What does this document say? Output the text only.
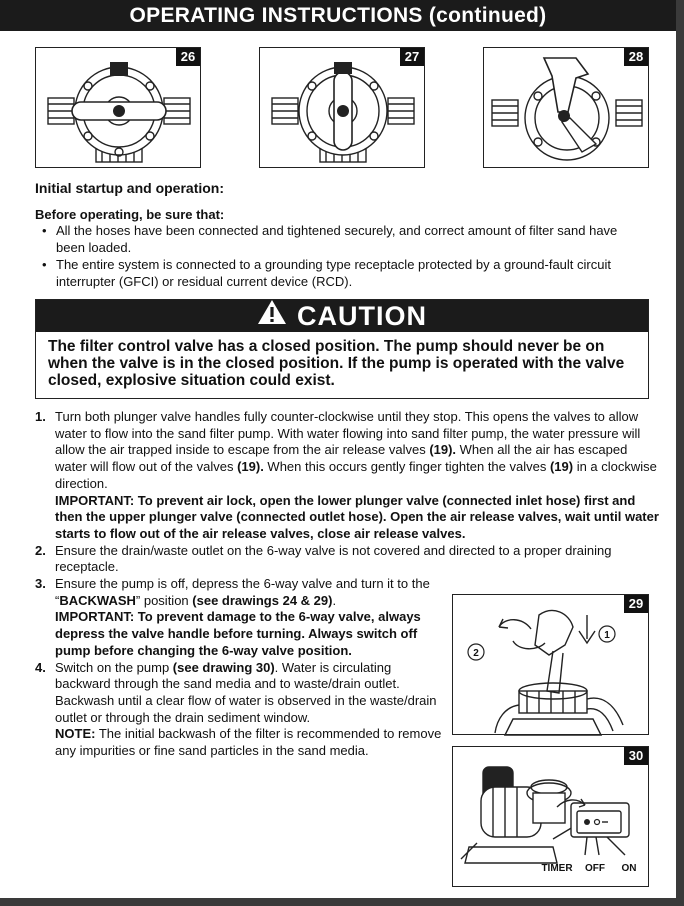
OPERATING INSTRUCTIONS (continued)
26	27	28
Initial startup and operation:
Before operating, be sure that:
• All the hoses have been connected and tightened securely, and correct amount of filter sand have been loaded.
• The entire system is connected to a grounding type receptacle protected by a ground-fault circuit interrupter (GFCI) or residual current device (RCD).
CAUTION
The filter control valve has a closed position. The pump should never be on when the valve is in the closed position. If the pump is operated with the valve closed, explosive situation could exist.
1. Turn both plunger valve handles fully counter-clockwise until they stop. This opens the valves to allow water to flow into the sand filter pump. With water flowing into sand filter pump, the water pressure will allow the air trapped inside to escape from the air release valves (19). When all the air has escaped water will flow out of the valves (19). When this occurs gently finger tighten the valves (19) in a clockwise direction.
IMPORTANT: To prevent air lock, open the lower plunger valve (connected inlet hose) first and then the upper plunger valve (connected outlet hose). Open the air release valves, wait until water starts to flow out of the air release valves, close air release valves.
2. Ensure the drain/waste outlet on the 6-way valve is not covered and directed to a proper draining receptacle.
3. Ensure the pump is off, depress the 6-way valve and turn it to the “BACKWASH” position (see drawings 24 & 29).
IMPORTANT: To prevent damage to the 6-way valve, always depress the valve handle before turning. Always switch off pump before changing the 6-way valve position.
4. Switch on the pump (see drawing 30). Water is circulating backward through the sand media and to waste/drain outlet. Backwash until a clear flow of water is observed in the waste/drain outlet or through the drain sediment window.
NOTE: The initial backwash of the filter is recommended to remove any impurities or fine sand particles in the sand media.
2
1
29
TIMER OFF ON
30
